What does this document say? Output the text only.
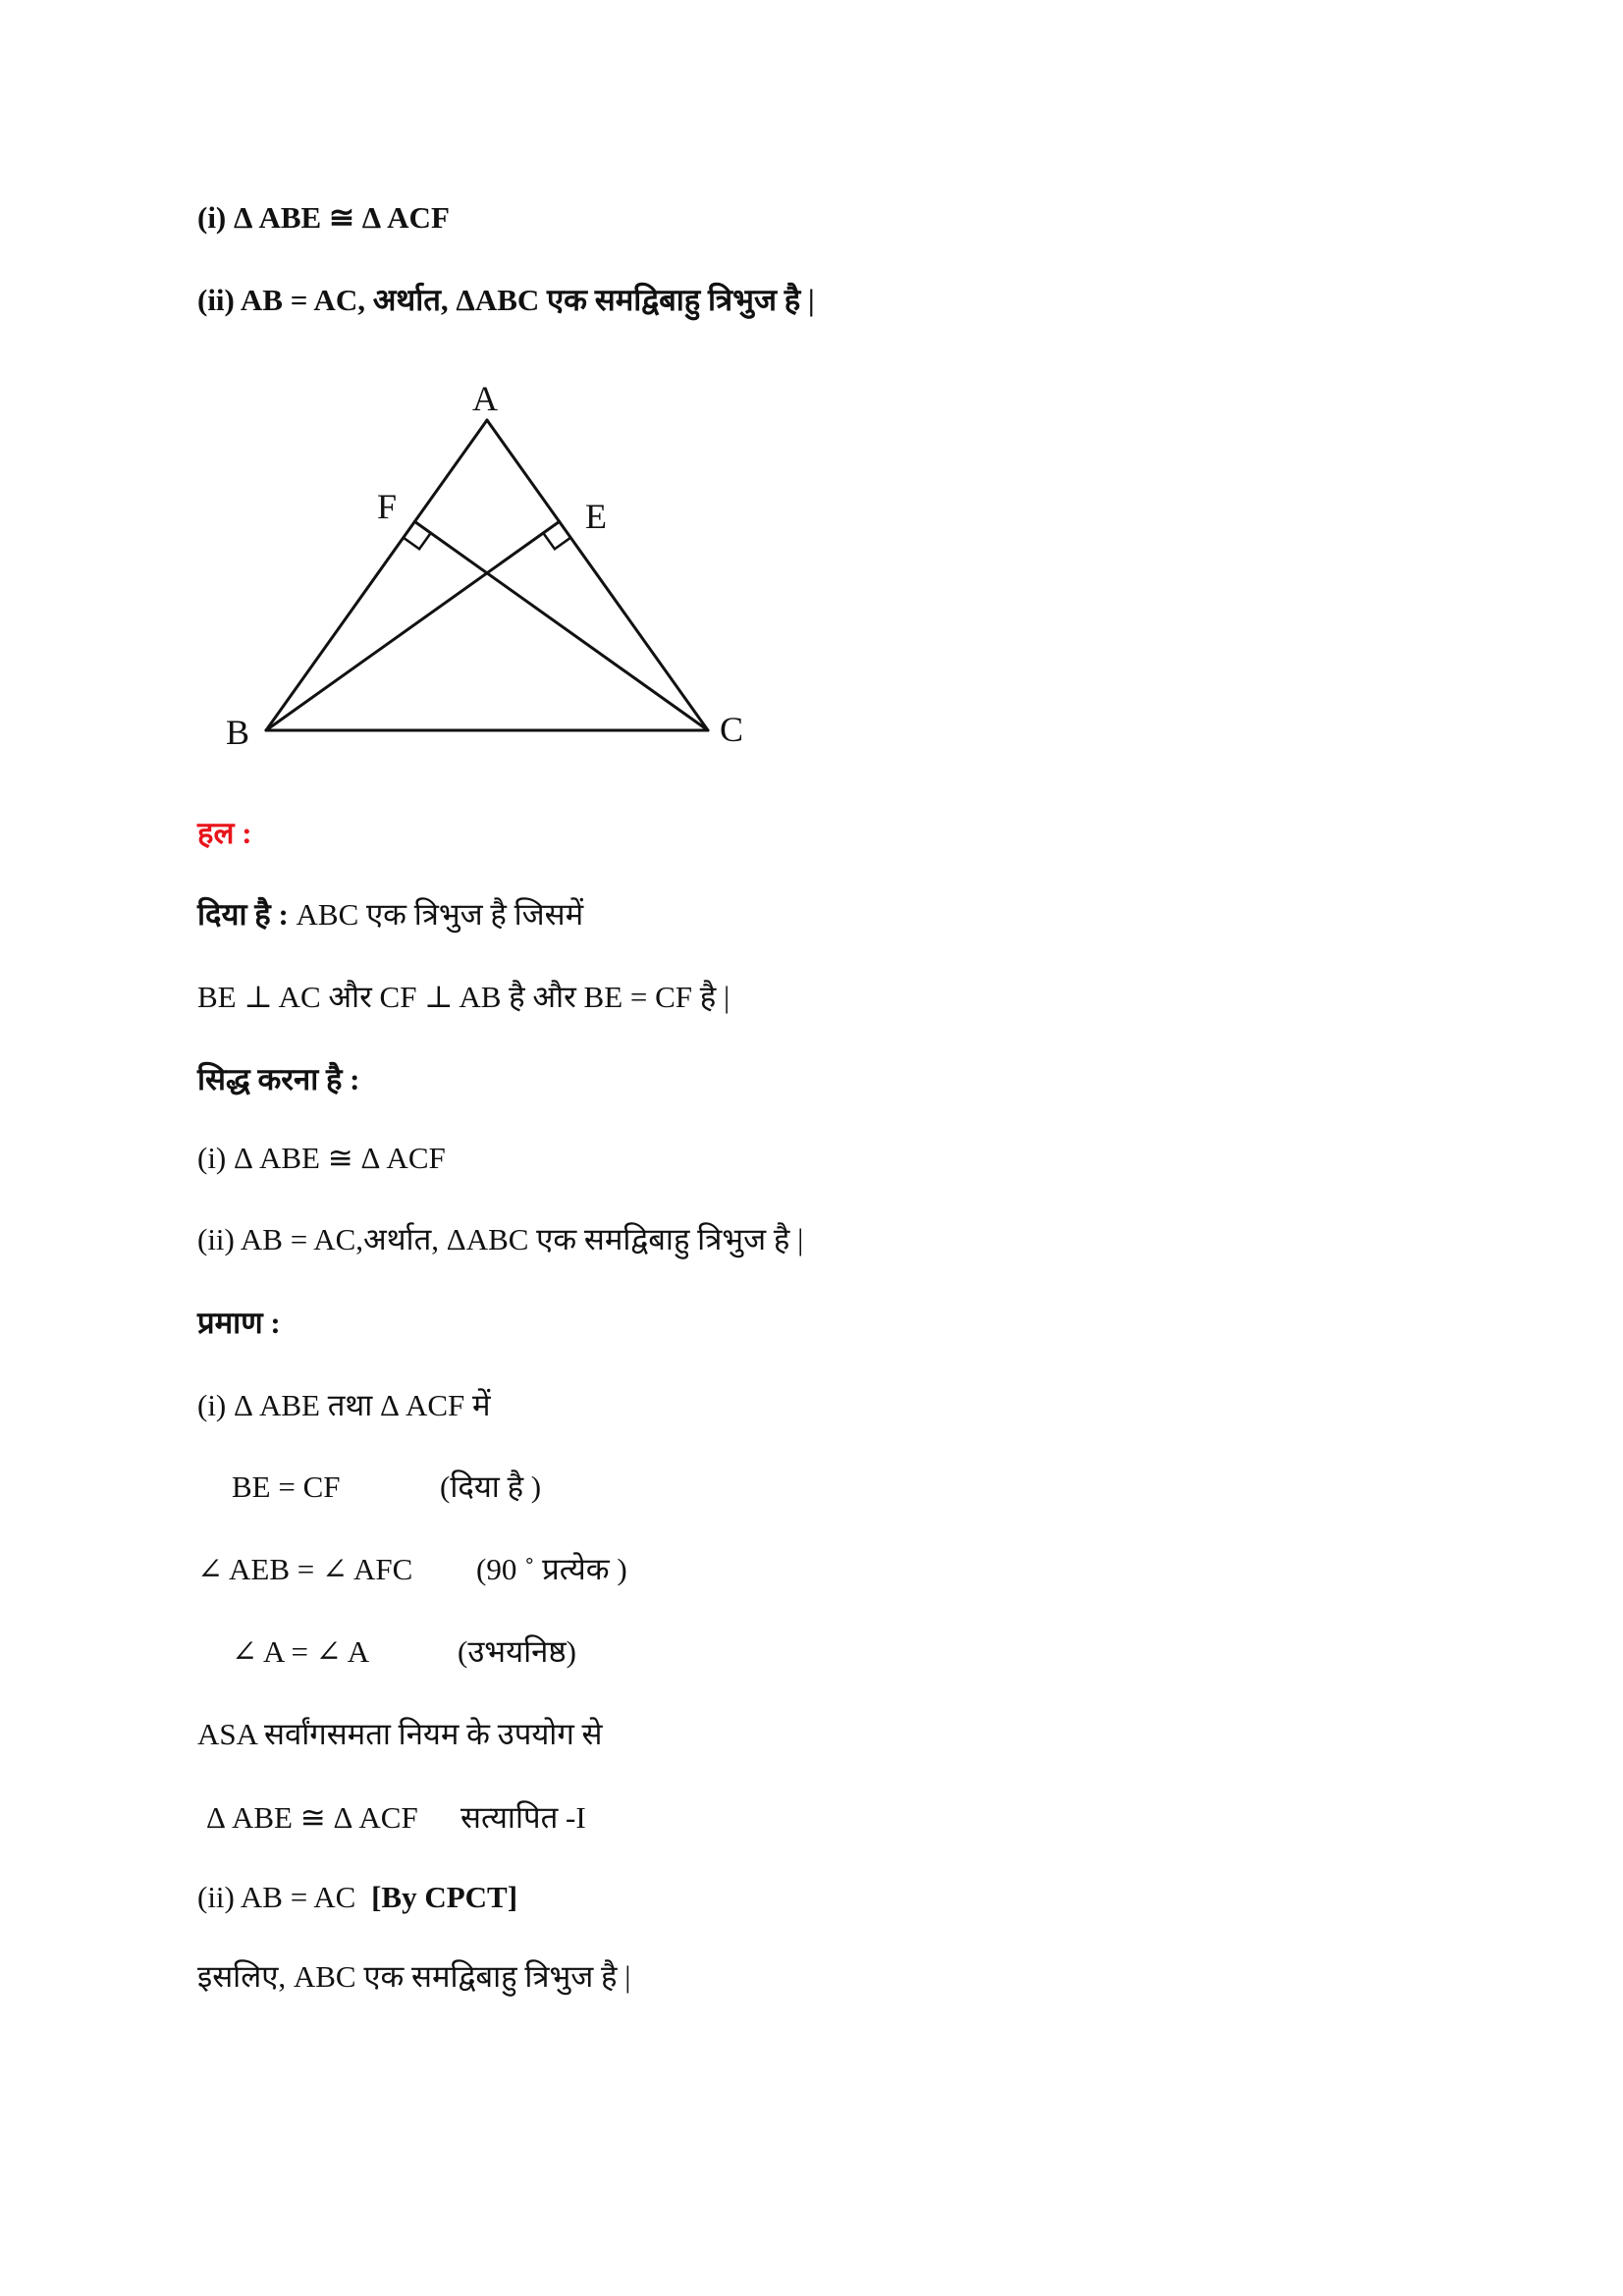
(i) Δ ABE ≅ Δ ACF
(ii) AB = AC, अर्थात, ΔABC एक समद्विबाहु त्रिभुज है |
A
F	E
B	C
हल :
दिया है : ABC एक त्रिभुज है जिसमें
BE ⊥ AC और CF ⊥ AB है और BE = CF है |
सिद्ध करना है :
(i) Δ ABE ≅ Δ ACF
(ii) AB = AC,अर्थात, ΔABC एक समद्विबाहु त्रिभुज है |
प्रमाण :
(i) Δ ABE तथा Δ ACF में
BE = CF	(दिया है )
∠ AEB = ∠ AFC (90 ˚ प्रत्येक )
∠ A = ∠ A	(उभयनिष्ठ)
ASA सर्वांगसमता नियम के उपयोग से
Δ ABE ≅ Δ ACF सत्यापित -I
(ii) AB = AC [By CPCT]
इसलिए, ABC एक समद्विबाहु त्रिभुज है |
